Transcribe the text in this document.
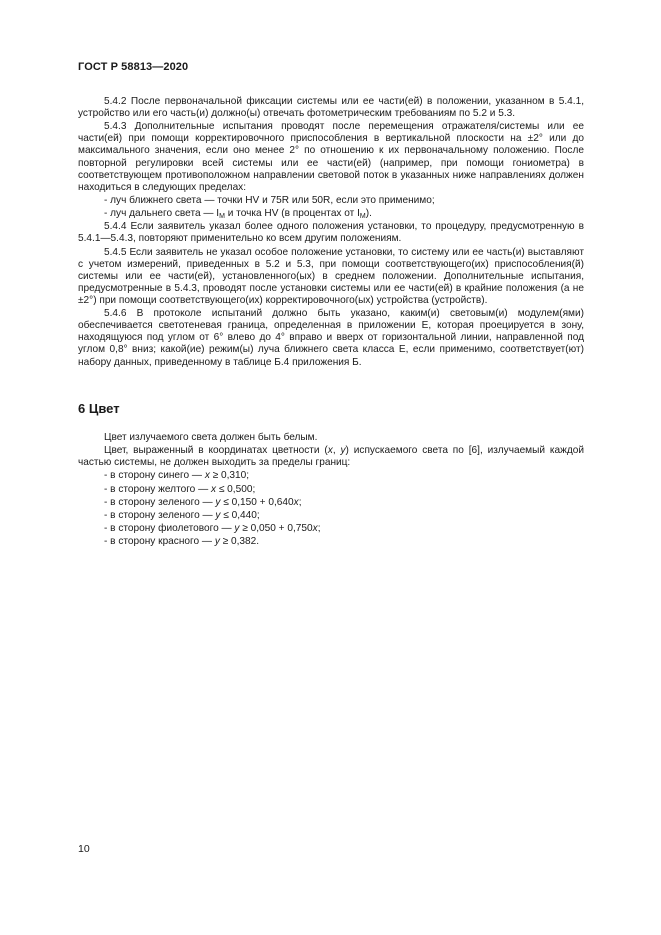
ГОСТ Р 58813—2020

5.4.2 После первоначальной фиксации системы или ее части(ей) в положении, указанном в 5.4.1, устройство или его часть(и) должно(ы) отвечать фотометрическим требованиям по 5.2 и 5.3.

5.4.3 Дополнительные испытания проводят после перемещения отражателя/системы или ее части(ей) при помощи корректировочного приспособления в вертикальной плоскости на ±2° или до максимального значения, если оно менее 2° по отношению к их первоначальному положению. После повторной регулировки всей системы или ее части(ей) (например, при помощи гониометра) в соответствующем противоположном направлении световой поток в указанных ниже направлениях должен находиться в следующих пределах:

- луч ближнего света — точки HV и 75R или 50R, если это применимо;
- луч дальнего света — $I_M$ и точка HV (в процентах от $I_M$).

5.4.4 Если заявитель указал более одного положения установки, то процедуру, предусмотренную в 5.4.1—5.4.3, повторяют применительно ко всем другим положениям.

5.4.5 Если заявитель не указал особое положение установки, то систему или ее часть(и) выставляют с учетом измерений, приведенных в 5.2 и 5.3, при помощи соответствующего(их) приспособления(й) системы или ее части(ей), установленного(ых) в среднем положении. Дополнительные испытания, предусмотренные в 5.4.3, проводят после установки системы или ее части(ей) в крайние положения (а не ±2°) при помощи соответствующего(их) корректировочного(ых) устройства (устройств).

5.4.6 В протоколе испытаний должно быть указано, каким(и) световым(и) модулем(ями) обеспечивается светотеневая граница, определенная в приложении Е, которая проецируется в зону, находящуюся под углом от 6° влево до 4° вправо и вверх от горизонтальной линии, направленной под углом 0,8° вниз; какой(ие) режим(ы) луча ближнего света класса Е, если применимо, соответствует(ют) набору данных, приведенному в таблице Б.4 приложения Б.

6 Цвет

Цвет излучаемого света должен быть белым.

Цвет, выраженный в координатах цветности (x, y) испускаемого света по [6], излучаемый каждой частью системы, не должен выходить за пределы границ:

- в сторону синего — x ≥ 0,310;
- в сторону желтого — x ≤ 0,500;
- в сторону зеленого — y ≤ 0,150 + 0,640x;
- в сторону зеленого — y ≤ 0,440;
- в сторону фиолетового — y ≥ 0,050 + 0,750x;
- в сторону красного — y ≥ 0,382.
10
